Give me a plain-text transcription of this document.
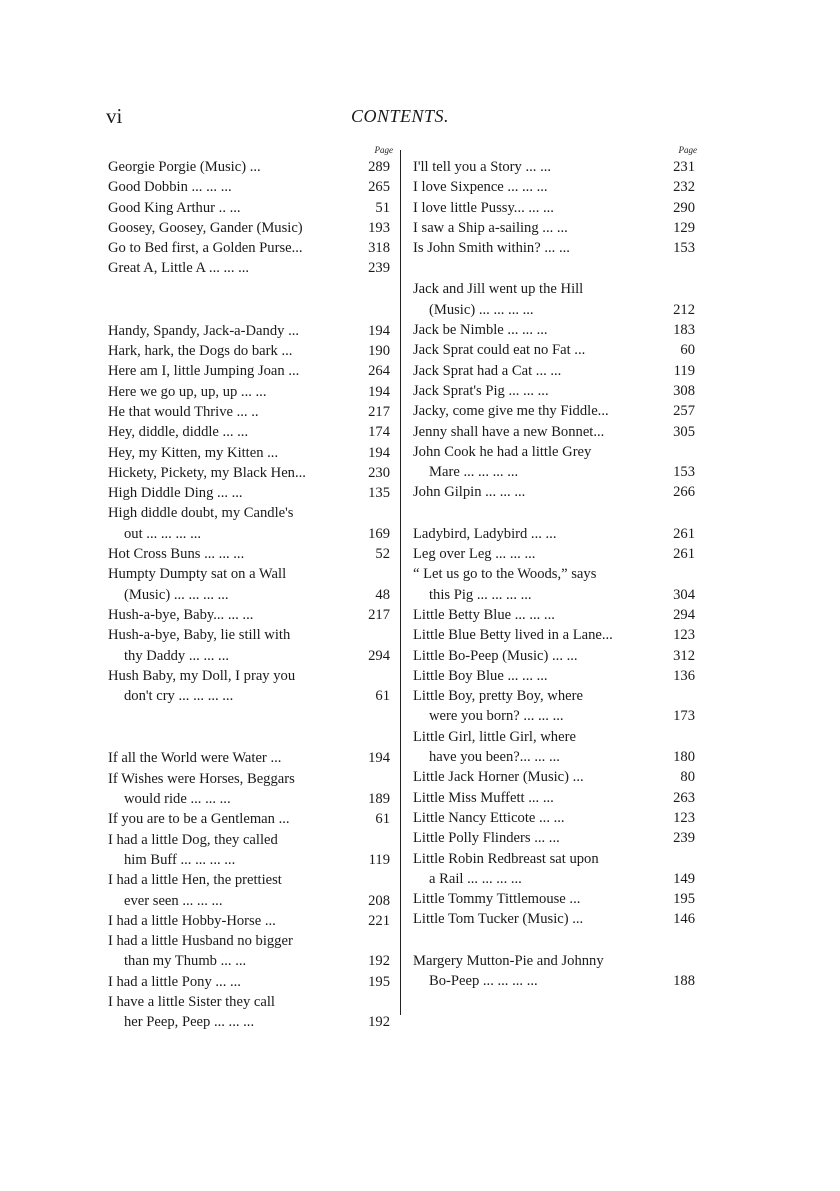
vi	CONTENTS.
Page
Georgie Porgie (Music) ...	289
Good Dobbin ... ... ...	265
Good King Arthur .. ...	51
Goosey, Goosey, Gander (Music)	193
Go to Bed first, a Golden Purse...	318
Great A, Little A ... ... ...	239
Handy, Spandy, Jack-a-Dandy ...	194
Hark, hark, the Dogs do bark ...	190
Here am I, little Jumping Joan ...	264
Here we go up, up, up ... ...	194
He that would Thrive ... ..	217
Hey, diddle, diddle ... ...	174
Hey, my Kitten, my Kitten ...	194
Hickety, Pickety, my Black Hen...	230
High Diddle Ding ... ...	135
High diddle doubt, my Candle's
out ... ... ... ...	169
Hot Cross Buns ... ... ...	52
Humpty Dumpty sat on a Wall
(Music) ... ... ... ...	48
Hush-a-bye, Baby... ... ...	217
Hush-a-bye, Baby, lie still with
thy Daddy ... ... ...	294
Hush Baby, my Doll, I pray you
don't cry ... ... ... ...	61
If all the World were Water ...	194
If Wishes were Horses, Beggars
would ride ... ... ...	189
If you are to be a Gentleman ...	61
I had a little Dog, they called
him Buff ... ... ... ...	119
I had a little Hen, the prettiest
ever seen ... ... ...	208
I had a little Hobby-Horse ...	221
I had a little Husband no bigger
than my Thumb ... ...	192
I had a little Pony ... ...	195
I have a little Sister they call
her Peep, Peep ... ... ...	192
Page
I'll tell you a Story ... ...	231
I love Sixpence ... ... ...	232
I love little Pussy... ... ...	290
I saw a Ship a-sailing ... ...	129
Is John Smith within? ... ...	153
Jack and Jill went up the Hill
(Music) ... ... ... ...	212
Jack be Nimble ... ... ...	183
Jack Sprat could eat no Fat ...	60
Jack Sprat had a Cat ... ...	119
Jack Sprat's Pig ... ... ...	308
Jacky, come give me thy Fiddle...	257
Jenny shall have a new Bonnet...	305
John Cook he had a little Grey
Mare ... ... ... ...	153
John Gilpin ... ... ...	266
Ladybird, Ladybird ... ...	261
Leg over Leg ... ... ...	261
“ Let us go to the Woods,” says
this Pig ... ... ... ...	304
Little Betty Blue ... ... ...	294
Little Blue Betty lived in a Lane...	123
Little Bo-Peep (Music) ... ...	312
Little Boy Blue ... ... ...	136
Little Boy, pretty Boy, where
were you born? ... ... ...	173
Little Girl, little Girl, where
have you been?... ... ...	180
Little Jack Horner (Music) ...	80
Little Miss Muffett ... ...	263
Little Nancy Etticote ... ...	123
Little Polly Flinders ... ...	239
Little Robin Redbreast sat upon
a Rail ... ... ... ...	149
Little Tommy Tittlemouse ...	195
Little Tom Tucker (Music) ...	146
Margery Mutton-Pie and Johnny
Bo-Peep ... ... ... ...	188
